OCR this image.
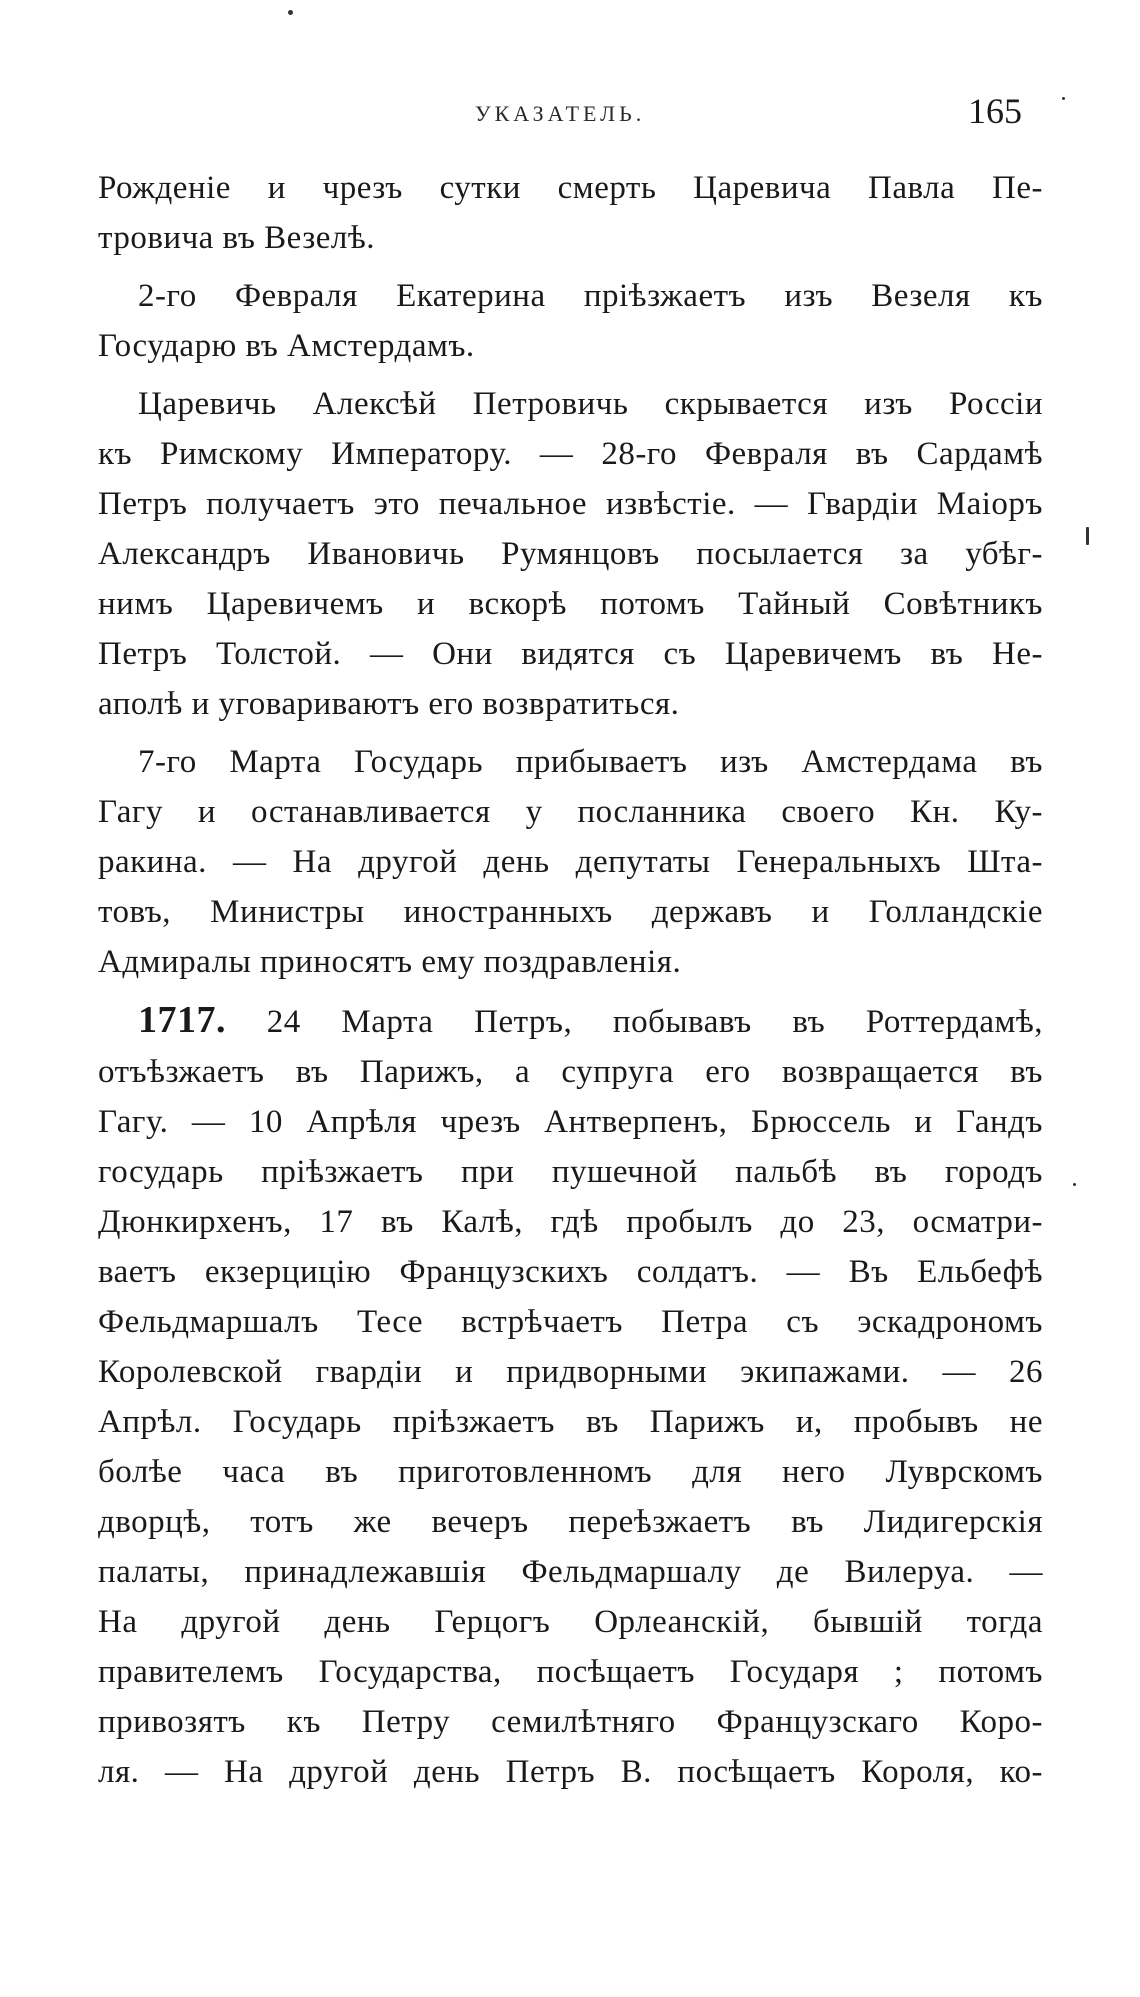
УКАЗАТЕЛЬ.	165
Рожденіе и чрезъ сутки смерть Царевича Павла Пе-
тровича въ Везелѣ.
2-го Февраля Екатерина пріѣзжаетъ изъ Везеля къ
Государю въ Амстердамъ.
Царевичь Алексѣй Петровичь скрывается изъ Россіи
къ Римскому Императору. — 28-го Февраля въ Сардамѣ
Петръ получаетъ это печальное извѣстіе. — Гвардіи Маіоръ
Александръ Ивановичь Румянцовъ посылается за убѣг-
нимъ Царевичемъ и вскорѣ потомъ Тайный Совѣтникъ
Петръ Толстой. — Они видятся съ Царевичемъ въ Не-
аполѣ и уговариваютъ его возвратиться.
7-го Марта Государь прибываетъ изъ Амстердама въ
Гагу и останавливается у посланника своего Кн. Ку-
ракина. — На другой день депутаты Генеральныхъ Шта-
товъ, Министры иностранныхъ державъ и Голландскіе
Адмиралы приносятъ ему поздравленія.
1717. 24 Марта Петръ, побывавъ въ Роттердамѣ,
отъѣзжаетъ въ Парижъ, а супруга его возвращается въ
Гагу. — 10 Апрѣля чрезъ Антверпенъ, Брюссель и Гандъ
государь пріѣзжаетъ при пушечной пальбѣ въ городъ
Дюнкирхенъ, 17 въ Калѣ, гдѣ пробылъ до 23, осматри-
ваетъ екзерцицію Французскихъ солдатъ. — Въ Ельбефѣ
Фельдмаршалъ Тесе встрѣчаетъ Петра съ эскадрономъ
Королевской гвардіи и придворными экипажами. — 26
Апрѣл. Государь пріѣзжаетъ въ Парижъ и, пробывъ не
болѣе часа въ приготовленномъ для него Луврскомъ
дворцѣ, тотъ же вечеръ переѣзжаетъ въ Лидигерскія
палаты, принадлежавшія Фельдмаршалу де Вилеруа. —
На другой день Герцогъ Орлеанскій, бывшій тогда
правителемъ Государства, посѣщаетъ Государя ; потомъ
привозятъ къ Петру семилѣтняго Французскаго Коро-
ля. — На другой день Петръ В. посѣщаетъ Короля, ко-
